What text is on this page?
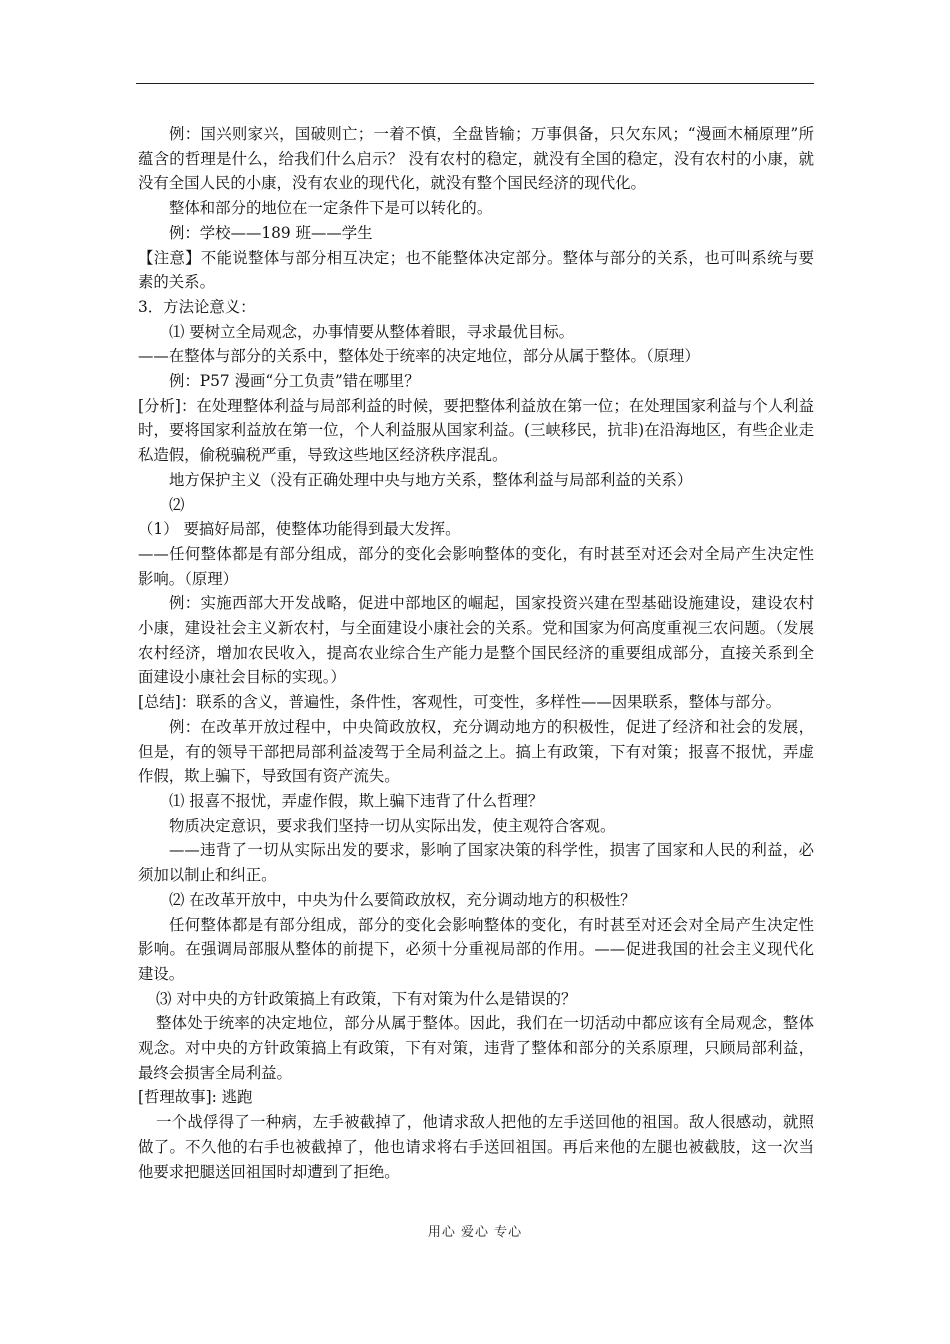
例：国兴则家兴，国破则亡；一着不慎，全盘皆输；万事俱备，只欠东风；“漫画木桶原理”所蕴含的哲理是什么，给我们什么启示？ 没有农村的稳定，就没有全国的稳定，没有农村的小康，就没有全国人民的小康，没有农业的现代化，就没有整个国民经济的现代化。

整体和部分的地位在一定条件下是可以转化的。

例：学校——189 班——学生

【注意】不能说整体与部分相互决定；也不能整体决定部分。整体与部分的关系，也可叫系统与要素的关系。

3．方法论意义：

⑴ 要树立全局观念，办事情要从整体着眼，寻求最优目标。

——在整体与部分的关系中，整体处于统率的决定地位，部分从属于整体。（原理）

例：P57 漫画“分工负责”错在哪里？

[分析]：在处理整体利益与局部利益的时候，要把整体利益放在第一位；在处理国家利益与个人利益时，要将国家利益放在第一位，个人利益服从国家利益。(三峡移民，抗非)在沿海地区，有些企业走私造假，偷税骗税严重，导致这些地区经济秩序混乱。

地方保护主义（没有正确处理中央与地方关系，整体利益与局部利益的关系）

⑵

（1） 要搞好局部，使整体功能得到最大发挥。

——任何整体都是有部分组成，部分的变化会影响整体的变化，有时甚至对还会对全局产生决定性影响。（原理）

例：实施西部大开发战略，促进中部地区的崛起，国家投资兴建在型基础设施建设，建设农村小康，建设社会主义新农村，与全面建设小康社会的关系。党和国家为何高度重视三农问题。（发展农村经济，增加农民收入，提高农业综合生产能力是整个国民经济的重要组成部分，直接关系到全面建设小康社会目标的实现。）

[总结]：联系的含义，普遍性，条件性，客观性，可变性，多样性——因果联系，整体与部分。

例：在改革开放过程中，中央简政放权，充分调动地方的积极性，促进了经济和社会的发展，但是，有的领导干部把局部利益凌驾于全局利益之上。搞上有政策，下有对策；报喜不报忧，弄虚作假，欺上骗下，导致国有资产流失。

⑴ 报喜不报忧，弄虚作假，欺上骗下违背了什么哲理？

物质决定意识，要求我们坚持一切从实际出发，使主观符合客观。

——违背了一切从实际出发的要求，影响了国家决策的科学性，损害了国家和人民的利益，必须加以制止和纠正。

⑵ 在改革开放中，中央为什么要简政放权，充分调动地方的积极性？

任何整体都是有部分组成，部分的变化会影响整体的变化，有时甚至对还会对全局产生决定性影响。在强调局部服从整体的前提下，必须十分重视局部的作用。——促进我国的社会主义现代化建设。

⑶ 对中央的方针政策搞上有政策，下有对策为什么是错误的？

整体处于统率的决定地位，部分从属于整体。因此，我们在一切活动中都应该有全局观念，整体观念。对中央的方针政策搞上有政策，下有对策，违背了整体和部分的关系原理，只顾局部利益，最终会损害全局利益。

[哲理故事]: 逃跑

一个战俘得了一种病，左手被截掉了，他请求敌人把他的左手送回他的祖国。敌人很感动，就照做了。不久他的右手也被截掉了，他也请求将右手送回祖国。再后来他的左腿也被截肢，这一次当他要求把腿送回祖国时却遭到了拒绝。

用心 爱心 专心
